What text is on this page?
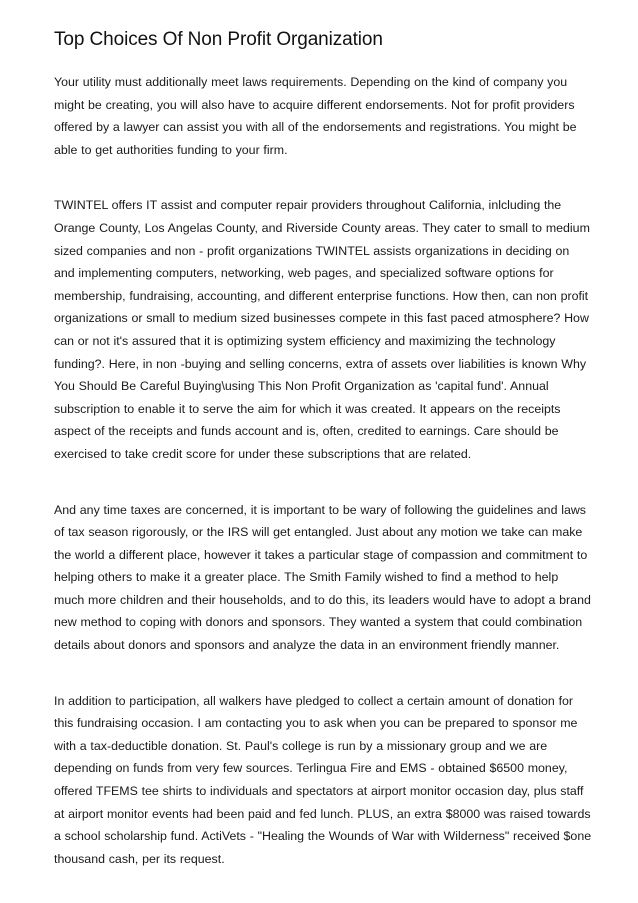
Top Choices Of Non Profit Organization

Your utility must additionally meet laws requirements. Depending on the kind of company you might be creating, you will also have to acquire different endorsements. Not for profit providers offered by a lawyer can assist you with all of the endorsements and registrations. You might be able to get authorities funding to your firm.

TWINTEL offers IT assist and computer repair providers throughout California, inlcluding the Orange County, Los Angelas County, and Riverside County areas. They cater to small to medium sized companies and non - profit organizations TWINTEL assists organizations in deciding on and implementing computers, networking, web pages, and specialized software options for membership, fundraising, accounting, and different enterprise functions. How then, can non profit organizations or small to medium sized businesses compete in this fast paced atmosphere? How can or not it's assured that it is optimizing system efficiency and maximizing the technology funding?. Here, in non -buying and selling concerns, extra of assets over liabilities is known Why You Should Be Careful Buying\using This Non Profit Organization as 'capital fund'. Annual subscription to enable it to serve the aim for which it was created. It appears on the receipts aspect of the receipts and funds account and is, often, credited to earnings. Care should be exercised to take credit score for under these subscriptions that are related.

And any time taxes are concerned, it is important to be wary of following the guidelines and laws of tax season rigorously, or the IRS will get entangled. Just about any motion we take can make the world a different place, however it takes a particular stage of compassion and commitment to helping others to make it a greater place. The Smith Family wished to find a method to help much more children and their households, and to do this, its leaders would have to adopt a brand new method to coping with donors and sponsors. They wanted a system that could combination details about donors and sponsors and analyze the data in an environment friendly manner.

In addition to participation, all walkers have pledged to collect a certain amount of donation for this fundraising occasion. I am contacting you to ask when you can be prepared to sponsor me with a tax-deductible donation. St. Paul's college is run by a missionary group and we are depending on funds from very few sources. Terlingua Fire and EMS - obtained $6500 money, offered TFEMS tee shirts to individuals and spectators at airport monitor occasion day, plus staff at airport monitor events had been paid and fed lunch. PLUS, an extra $8000 was raised towards a school scholarship fund. ActiVets - "Healing the Wounds of War with Wilderness" received $one thousand cash, per its request.
